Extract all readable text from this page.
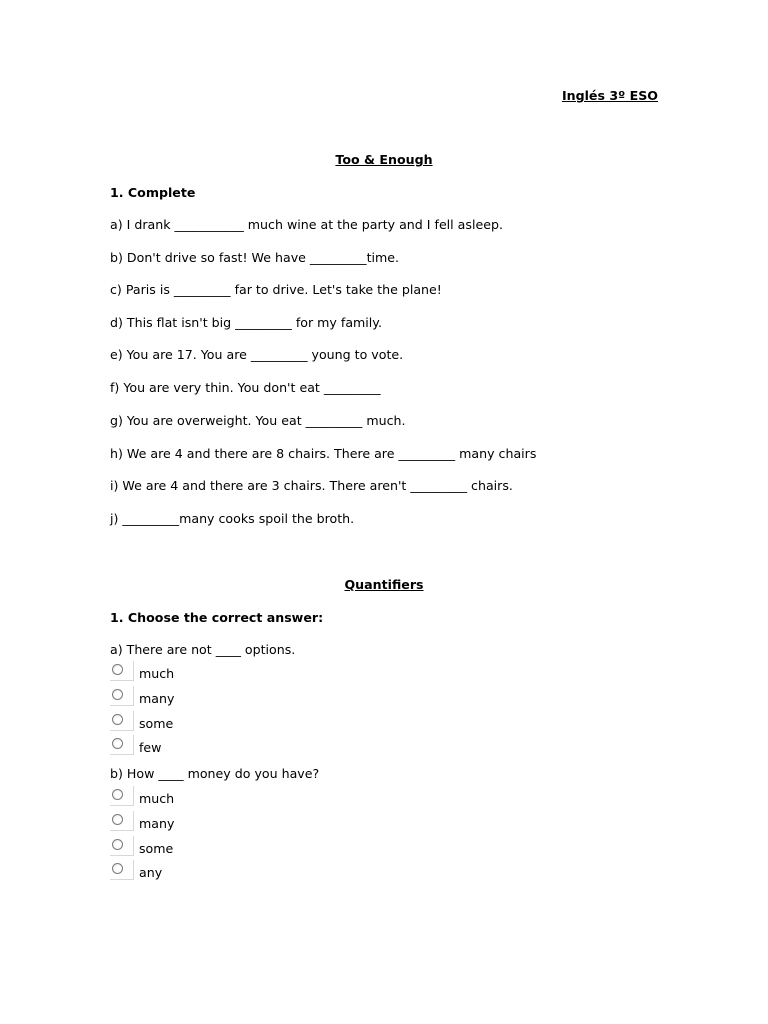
Inglés 3º ESO
Too & Enough
1. Complete
a) I drank ___________ much wine at the party and I fell asleep.
b) Don't drive so fast! We have _________time.
c) Paris is _________ far to drive. Let's take the plane!
d) This flat isn't big _________ for my family.
e) You are 17. You are _________ young to vote.
f) You are very thin. You don't eat _________
g) You are overweight. You eat _________ much.
h) We are 4 and there are 8 chairs. There are _________ many chairs
i) We are 4 and there are 3 chairs. There aren't _________ chairs.
j) _________many cooks spoil the broth.
Quantifiers
1. Choose the correct answer:
a) There are not ____ options.
much
many
some
few
b) How ____ money do you have?
much
many
some
any
